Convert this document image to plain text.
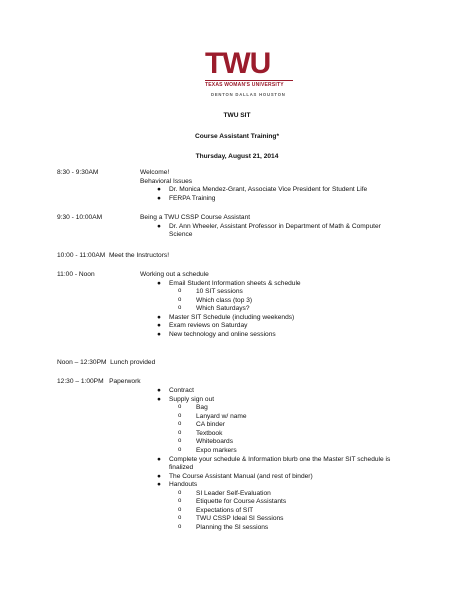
TWU
TEXAS WOMAN'S UNIVERSITY
DENTON DALLAS HOUSTON
TWU SIT
Course Assistant Training*
Thursday, August 21, 2014
8:30 - 9:30AM	Welcome!
Behavioral Issues
● Dr. Monica Mendez-Grant, Associate Vice President for Student Life
● FERPA Training
9:30 - 10:00AM	Being a TWU CSSP Course Assistant
● Dr. Ann Wheeler, Assistant Professor in Department of Math & Computer
Science
10:00 - 11:00AM Meet the Instructors!
11:00 - Noon	Working out a schedule
● Email Student Information sheets & schedule
o 10 SIT sessions
o Which class (top 3)
o Which Saturdays?
● Master SIT Schedule (including weekends)
● Exam reviews on Saturday
● New technology and online sessions
Noon – 12:30PM Lunch provided
12:30 – 1:00PM Paperwork
● Contract
● Supply sign out
o Bag
o Lanyard w/ name
o CA binder
o Textbook
o Whiteboards
o Expo markers
● Complete your schedule & Information blurb one the Master SIT schedule is
finalized
● The Course Assistant Manual (and rest of binder)
● Handouts
o SI Leader Self-Evaluation
o Etiquette for Course Assistants
o Expectations of SIT
o TWU CSSP Ideal SI Sessions
o Planning the SI sessions
